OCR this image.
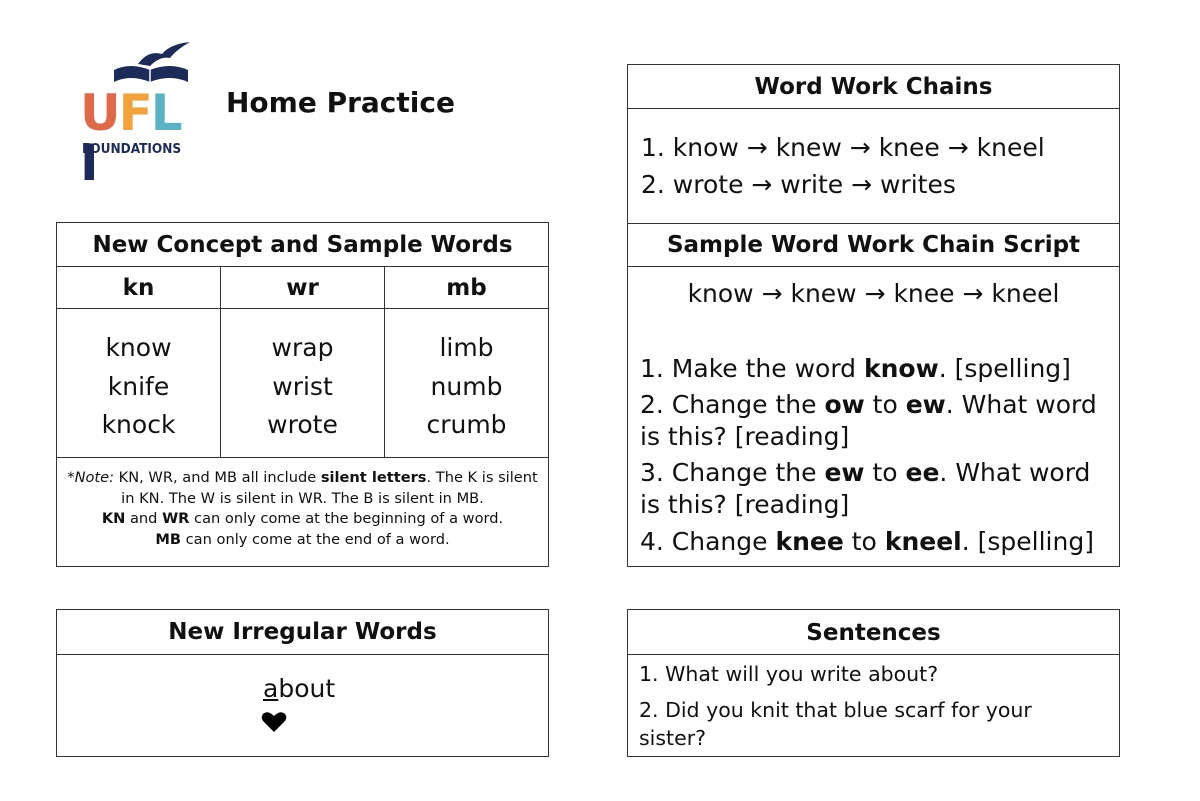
UFLI
FOUNDATIONS
Home Practice
New Concept and Sample Words
kn	wr	mb
know
knife
knock
wrap
wrist
wrote
limb
numb
crumb
*Note: KN, WR, and MB all include silent letters. The K is silent in KN. The W is silent in WR. The B is silent in MB.
KN and WR can only come at the beginning of a word.
MB can only come at the end of a word.
New Irregular Words
about
Word Work Chains
1. know → knew → knee → kneel
2. wrote → write → writes
Sample Word Work Chain Script
know → knew → knee → kneel
1. Make the word know. [spelling]
2. Change the ow to ew. What word is this? [reading]
3. Change the ew to ee. What word is this? [reading]
4. Change knee to kneel. [spelling]
Sentences
1. What will you write about?
2. Did you knit that blue scarf for your sister?
